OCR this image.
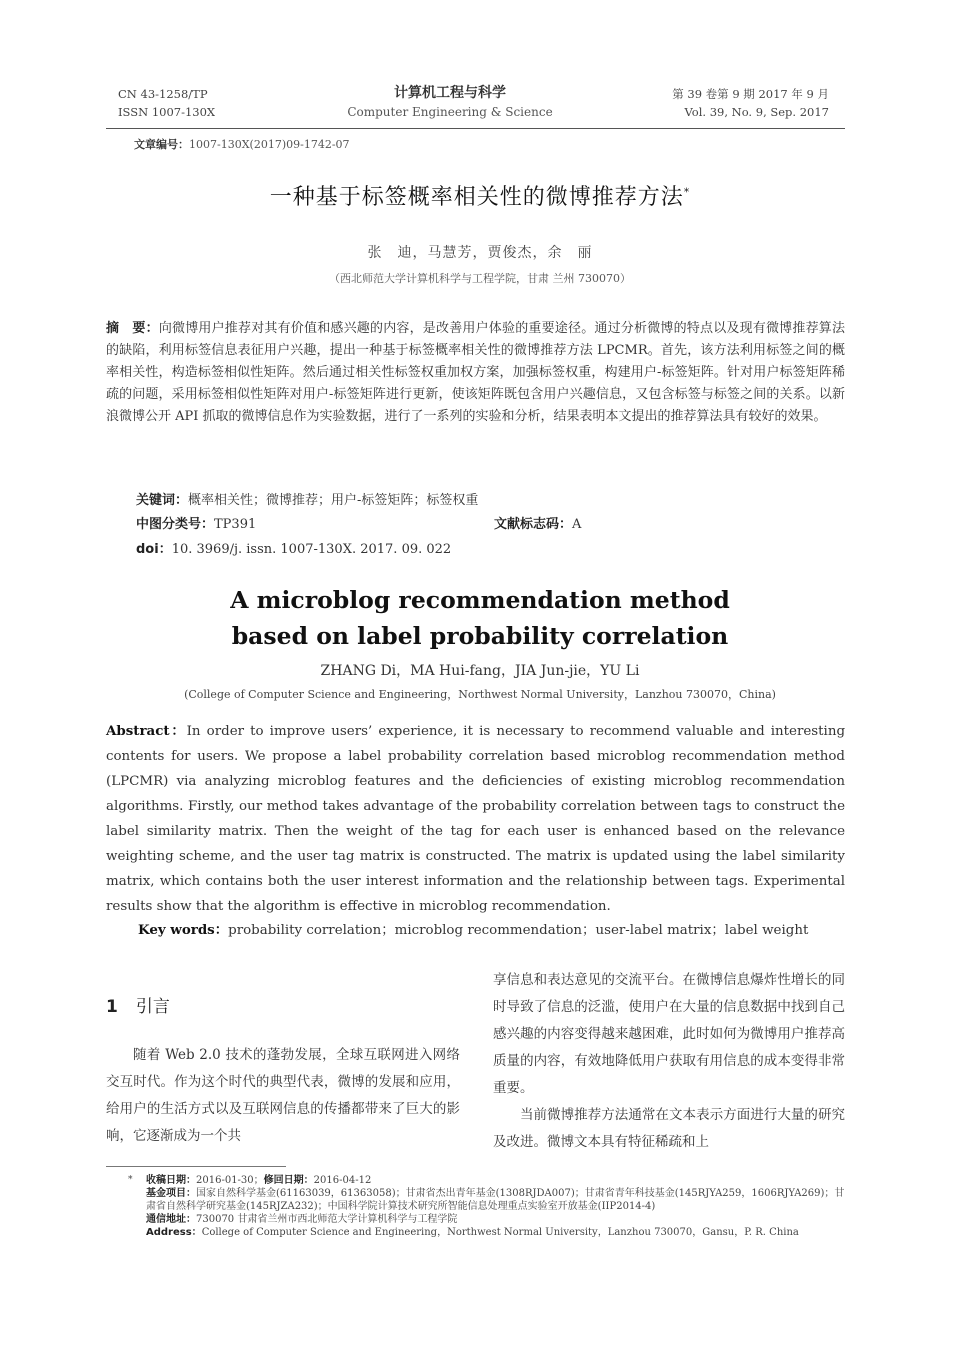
CN 43-1258/TP
ISSN 1007-130X
计算机工程与科学
Computer Engineering & Science
第 39 卷第 9 期 2017 年 9 月
Vol. 39, No. 9, Sep. 2017
文章编号：1007-130X(2017)09-1742-07
一种基于标签概率相关性的微博推荐方法*
张　迪，马慧芳，贾俊杰，余　丽
（西北师范大学计算机科学与工程学院，甘肃 兰州 730070）
摘　要：向微博用户推荐对其有价值和感兴趣的内容，是改善用户体验的重要途径。通过分析微博的特点以及现有微博推荐算法的缺陷，利用标签信息表征用户兴趣，提出一种基于标签概率相关性的微博推荐方法 LPCMR。首先，该方法利用标签之间的概率相关性，构造标签相似性矩阵。然后通过相关性标签权重加权方案，加强标签权重，构建用户-标签矩阵。针对用户标签矩阵稀疏的问题，采用标签相似性矩阵对用户-标签矩阵进行更新，使该矩阵既包含用户兴趣信息，又包含标签与标签之间的关系。以新浪微博公开 API 抓取的微博信息作为实验数据，进行了一系列的实验和分析，结果表明本文提出的推荐算法具有较好的效果。
关键词：概率相关性；微博推荐；用户-标签矩阵；标签权重
中图分类号：TP391	文献标志码：A
doi：10. 3969/j. issn. 1007-130X. 2017. 09. 022
A microblog recommendation method
based on label probability correlation
ZHANG Di，MA Hui-fang，JIA Jun-jie，YU Li
(College of Computer Science and Engineering，Northwest Normal University，Lanzhou 730070，China)
Abstract：In order to improve users’ experience, it is necessary to recommend valuable and interesting contents for users. We propose a label probability correlation based microblog recommendation method (LPCMR) via analyzing microblog features and the deficiencies of existing microblog recommendation algorithms. Firstly, our method takes advantage of the probability correlation between tags to construct the label similarity matrix. Then the weight of the tag for each user is enhanced based on the relevance weighting scheme, and the user tag matrix is constructed. The matrix is updated using the label similarity matrix, which contains both the user interest information and the relationship between tags. Experimental results show that the algorithm is effective in microblog recommendation.
Key words：probability correlation；microblog recommendation；user-label matrix；label weight
1 引言

随着 Web 2.0 技术的蓬勃发展，全球互联网进入网络交互时代。作为这个时代的典型代表，微博的发展和应用，给用户的生活方式以及互联网信息的传播都带来了巨大的影响，它逐渐成为一个共

享信息和表达意见的交流平台。在微博信息爆炸性增长的同时导致了信息的泛滥，使用户在大量的信息数据中找到自己感兴趣的内容变得越来越困难，此时如何为微博用户推荐高质量的内容，有效地降低用户获取有用信息的成本变得非常重要。

当前微博推荐方法通常在文本表示方面进行大量的研究及改进。微博文本具有特征稀疏和上

* 收稿日期：2016-01-30；修回日期：2016-04-12

基金项目：国家自然科学基金(61163039，61363058)；甘肃省杰出青年基金(1308RJDA007)；甘肃省青年科技基金(145RJYA259，1606RJYA269)；甘肃省自然科学研究基金(145RJZA232)；中国科学院计算技术研究所智能信息处理重点实验室开放基金(IIP2014-4)

通信地址：730070 甘肃省兰州市西北师范大学计算机科学与工程学院

Address：College of Computer Science and Engineering，Northwest Normal University，Lanzhou 730070，Gansu，P. R. China
